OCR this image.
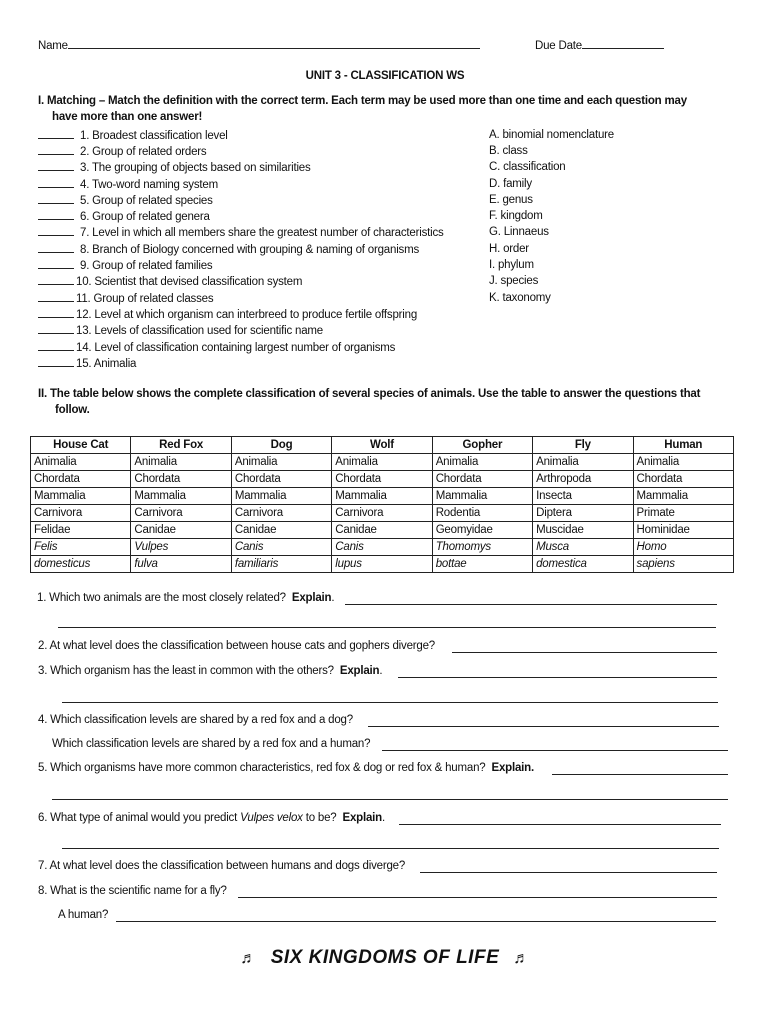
Name	Due Date
UNIT 3 - CLASSIFICATION WS
I. Matching – Match the definition with the correct term. Each term may be used more than one time and each question may
have more than one answer!
1. Broadest classification level
2. Group of related orders
3. The grouping of objects based on similarities
4. Two-word naming system
5. Group of related species
6. Group of related genera
7. Level in which all members share the greatest number of characteristics
8. Branch of Biology concerned with grouping & naming of organisms
9. Group of related families
10. Scientist that devised classification system
11. Group of related classes
12. Level at which organism can interbreed to produce fertile offspring
13. Levels of classification used for scientific name
14. Level of classification containing largest number of organisms
15. Animalia
A. binomial nomenclature
B. class
C. classification
D. family
E. genus
F. kingdom
G. Linnaeus
H. order
I. phylum
J. species
K. taxonomy
II. The table below shows the complete classification of several species of animals. Use the table to answer the questions that
follow.
House Cat	Red Fox	Dog	Wolf	Gopher	Fly	Human
Animalia	Animalia	Animalia	Animalia	Animalia	Animalia	Animalia
Chordata	Chordata	Chordata	Chordata	Chordata	Arthropoda	Chordata
Mammalia	Mammalia	Mammalia	Mammalia	Mammalia	Insecta	Mammalia
Carnivora	Carnivora	Carnivora	Carnivora	Rodentia	Diptera	Primate
Felidae	Canidae	Canidae	Canidae	Geomyidae	Muscidae	Hominidae
Felis	Vulpes	Canis	Canis	Thomomys	Musca	Homo
domesticus	fulva	familiaris	lupus	bottae	domestica	sapiens
1. Which two animals are the most closely related? Explain.
2. At what level does the classification between house cats and gophers diverge?
3. Which organism has the least in common with the others? Explain.
4. Which classification levels are shared by a red fox and a dog?
Which classification levels are shared by a red fox and a human?
5. Which organisms have more common characteristics, red fox & dog or red fox & human? Explain.
6. What type of animal would you predict Vulpes velox to be? Explain.
7. At what level does the classification between humans and dogs diverge?
8. What is the scientific name for a fly?
A human?
♬ SIX KINGDOMS OF LIFE ♬
